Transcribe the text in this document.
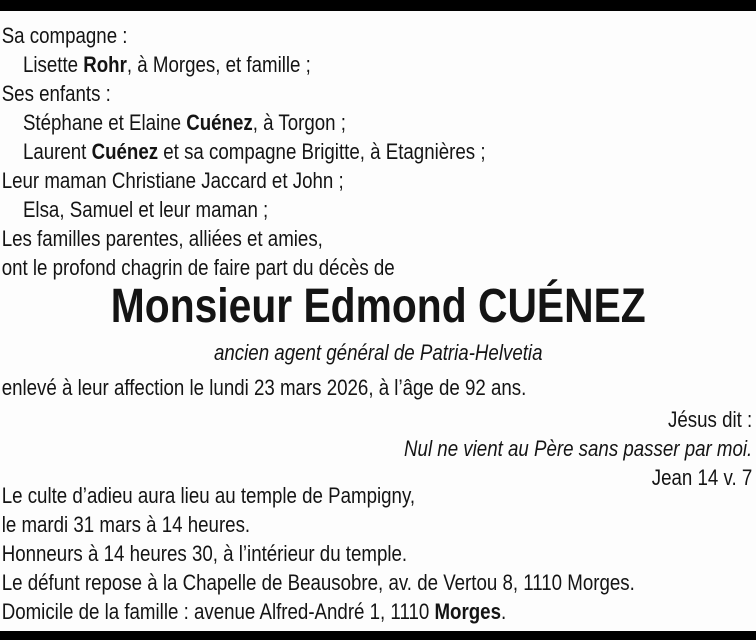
Sa compagne :

Lisette Rohr, à Morges, et famille ;

Ses enfants :

Stéphane et Elaine Cuénez, à Torgon ;

Laurent Cuénez et sa compagne Brigitte, à Etagnières ;

Leur maman Christiane Jaccard et John ;

Elsa, Samuel et leur maman ;

Les familles parentes, alliées et amies,

ont le profond chagrin de faire part du décès de

Monsieur Edmond CUÉNEZ
ancien agent général de Patria-Helvetia

enlevé à leur affection le lundi 23 mars 2026, à l’âge de 92 ans.

Jésus dit :

Nul ne vient au Père sans passer par moi.

Jean 14 v. 7

Le culte d’adieu aura lieu au temple de Pampigny,

le mardi 31 mars à 14 heures.

Honneurs à 14 heures 30, à l’intérieur du temple.

Le défunt repose à la Chapelle de Beausobre, av. de Vertou 8, 1110 Morges.

Domicile de la famille : avenue Alfred-André 1, 1110 Morges.
